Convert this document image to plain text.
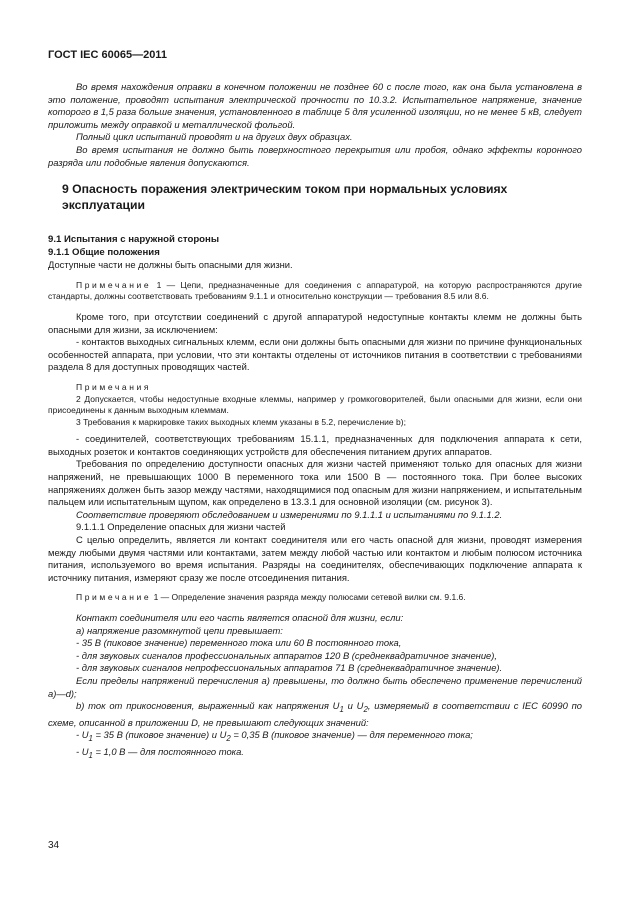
ГОСТ IEC 60065—2011

Во время нахождения оправки в конечном положении не позднее 60 с после того, как она была установлена в это положение, проводят испытания электрической прочности по 10.3.2. Испытательное напряжение, значение которого в 1,5 раза больше значения, установленного в таблице 5 для усиленной изоляции, но не менее 5 кВ, следует приложить между оправкой и металлической фольгой.

Полный цикл испытаний проводят и на других двух образцах.

Во время испытания не должно быть поверхностного перекрытия или пробоя, однако эффекты коронного разряда или подобные явления допускаются.

9 Опасность поражения электрическим током при нормальных условиях эксплуатации

9.1 Испытания с наружной стороны

9.1.1 Общие положения

Доступные части не должны быть опасными для жизни.

Примечание 1 — Цепи, предназначенные для соединения с аппаратурой, на которую распространяются другие стандарты, должны соответствовать требованиям 9.1.1 и относительно конструкции — требования 8.5 или 8.6.

Кроме того, при отсутствии соединений с другой аппаратурой недоступные контакты клемм не должны быть опасными для жизни, за исключением:

- контактов выходных сигнальных клемм, если они должны быть опасными для жизни по причине функциональных особенностей аппарата, при условии, что эти контакты отделены от источников питания в соответствии с требованиями раздела 8 для доступных проводящих частей.

Примечания

2 Допускается, чтобы недоступные входные клеммы, например у громкоговорителей, были опасными для жизни, если они присоединены к данным выходным клеммам.

3 Требования к маркировке таких выходных клемм указаны в 5.2, перечисление b);

- соединителей, соответствующих требованиям 15.1.1, предназначенных для подключения аппарата к сети, выходных розеток и контактов соединяющих устройств для обеспечения питанием других аппаратов.

Требования по определению доступности опасных для жизни частей применяют только для опасных для жизни напряжений, не превышающих 1000 В переменного тока или 1500 В — постоянного тока. При более высоких напряжениях должен быть зазор между частями, находящимися под опасным для жизни напряжением, и испытательным пальцем или испытательным щупом, как определено в 13.3.1 для основной изоляции (см. рисунок 3).

Соответствие проверяют обследованием и измерениями по 9.1.1.1 и испытаниями по 9.1.1.2.

9.1.1.1 Определение опасных для жизни частей

С целью определить, является ли контакт соединителя или его часть опасной для жизни, проводят измерения между любыми двумя частями или контактами, затем между любой частью или контактом и любым полюсом источника питания, используемого во время испытания. Разряды на соединителях, обеспечивающих подключение аппарата к источнику питания, измеряют сразу же после отсоединения питания.

Примечание 1 — Определение значения разряда между полюсами сетевой вилки см. 9.1.6.

Контакт соединителя или его часть является опасной для жизни, если:

а) напряжение разомкнутой цепи превышает:

- 35 В (пиковое значение) переменного тока или 60 В постоянного тока,

- для звуковых сигналов профессиональных аппаратов 120 В (среднеквадратичное значение),

- для звуковых сигналов непрофессиональных аппаратов 71 В (среднеквадратичное значение).

Если пределы напряжений перечисления а) превышены, то должно быть обеспечено применение перечислений а)—d);

b) ток от прикосновения, выраженный как напряжения $U_1$ и $U_2$, измеряемый в соответствии с IEC 60990 по схеме, описанной в приложении D, не превышают следующих значений:

- $U_1 = 35$ В (пиковое значение) и $U_2 = 0,35$ В (пиковое значение) — для переменного тока;

- $U_1 = 1,0$ В — для постоянного тока.

34
